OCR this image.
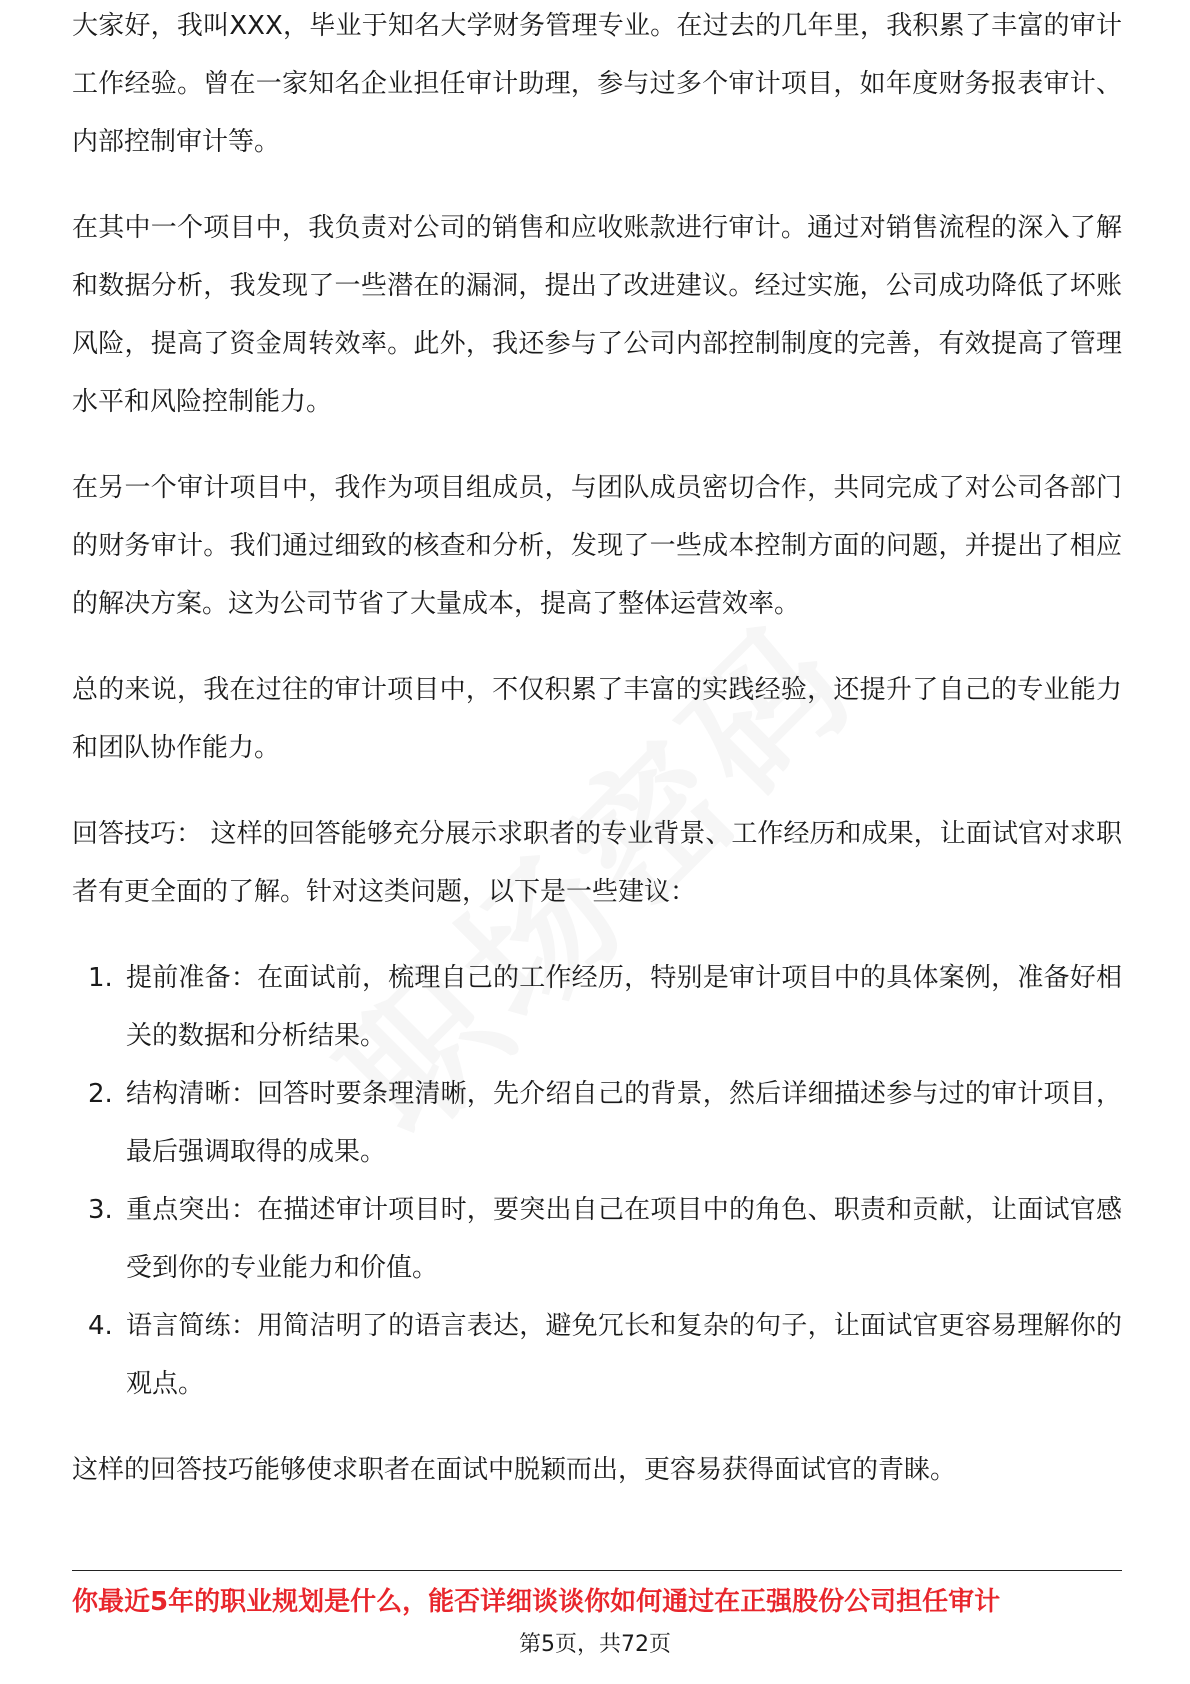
大家好，我叫XXX，毕业于知名大学财务管理专业。在过去的几年里，我积累了丰富的审计工作经验。曾在一家知名企业担任审计助理，参与过多个审计项目，如年度财务报表审计、内部控制审计等。

在其中一个项目中，我负责对公司的销售和应收账款进行审计。通过对销售流程的深入了解和数据分析，我发现了一些潜在的漏洞，提出了改进建议。经过实施，公司成功降低了坏账风险，提高了资金周转效率。此外，我还参与了公司内部控制制度的完善，有效提高了管理水平和风险控制能力。

在另一个审计项目中，我作为项目组成员，与团队成员密切合作，共同完成了对公司各部门的财务审计。我们通过细致的核查和分析，发现了一些成本控制方面的问题，并提出了相应的解决方案。这为公司节省了大量成本，提高了整体运营效率。

总的来说，我在过往的审计项目中，不仅积累了丰富的实践经验，还提升了自己的专业能力和团队协作能力。

回答技巧： 这样的回答能够充分展示求职者的专业背景、工作经历和成果，让面试官对求职者有更全面的了解。针对这类问题，以下是一些建议：

1. 提前准备：在面试前，梳理自己的工作经历，特别是审计项目中的具体案例，准备好相关的数据和分析结果。
2. 结构清晰：回答时要条理清晰，先介绍自己的背景，然后详细描述参与过的审计项目，最后强调取得的成果。
3. 重点突出：在描述审计项目时，要突出自己在项目中的角色、职责和贡献，让面试官感受到你的专业能力和价值。
4. 语言简练：用简洁明了的语言表达，避免冗长和复杂的句子，让面试官更容易理解你的观点。

这样的回答技巧能够使求职者在面试中脱颖而出，更容易获得面试官的青睐。

你最近5年的职业规划是什么，能否详细谈谈你如何通过在正强股份公司担任审计
第5页，共72页
